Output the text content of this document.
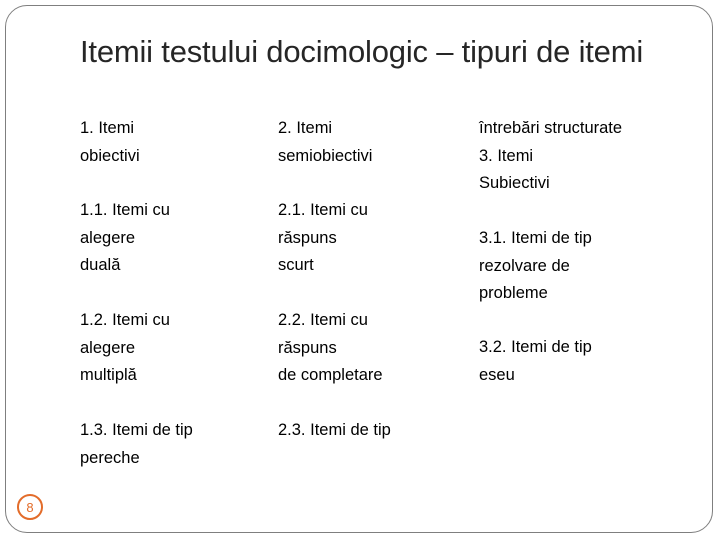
Itemii testului docimologic – tipuri de itemi
1. Itemi
obiectivi
1.1. Itemi cu
alegere
duală
1.2. Itemi cu
alegere
multiplă
1.3. Itemi de tip
pereche
2. Itemi
semiobiectivi
2.1. Itemi cu
răspuns
scurt
2.2. Itemi cu
răspuns
de completare
2.3. Itemi de tip
întrebări structurate
3. Itemi
Subiectivi
3.1. Itemi de tip
rezolvare de
probleme
3.2. Itemi de tip
eseu
8
